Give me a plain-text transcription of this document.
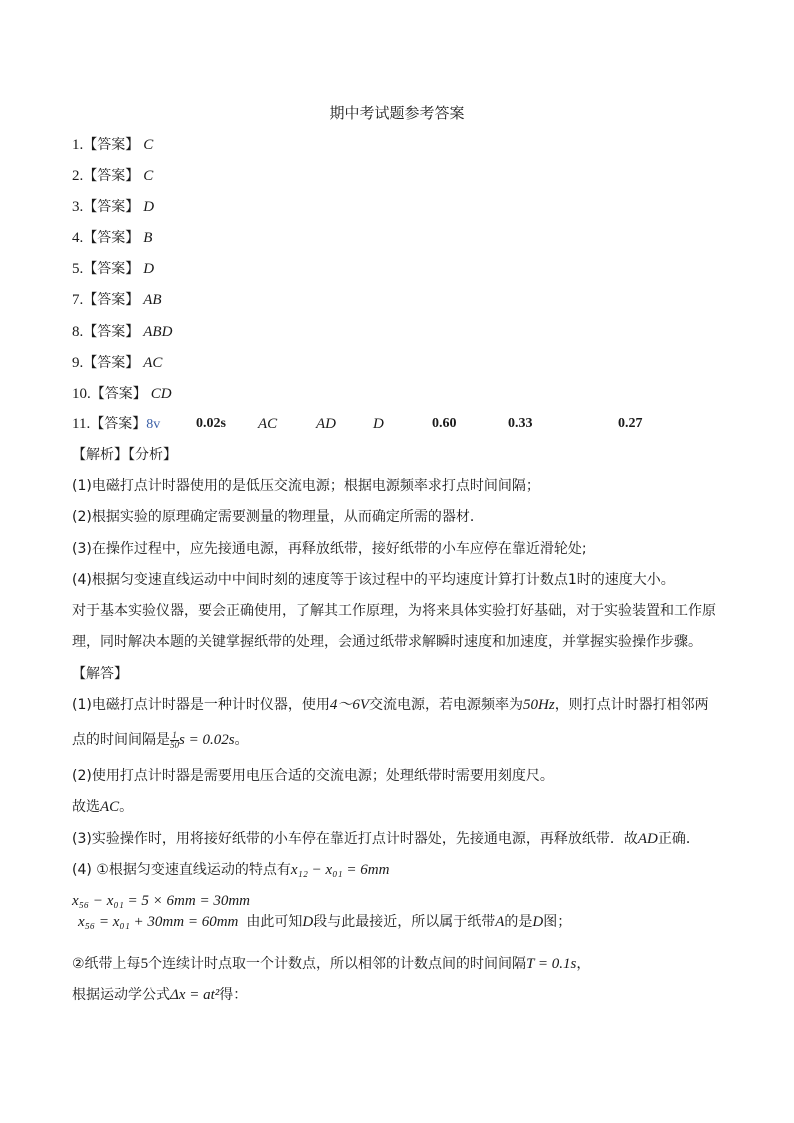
期中考试题参考答案
1.【答案】 C
2.【答案】 C
3.【答案】 D
4.【答案】 B
5.【答案】 D
7.【答案】 AB
8.【答案】 ABD
9.【答案】 AC
10.【答案】 CD
11.【答案】8v	0.02s AC	AD D	0.60	0.33	0.27
【解析】【分析】
(1)电磁打点计时器使用的是低压交流电源；根据电源频率求打点时间间隔；
(2)根据实验的原理确定需要测量的物理量，从而确定所需的器材．
(3)在操作过程中，应先接通电源，再释放纸带，接好纸带的小车应停在靠近滑轮处;
(4)根据匀变速直线运动中中间时刻的速度等于该过程中的平均速度计算打计数点1时的速度大小。
对于基本实验仪器，要会正确使用，了解其工作原理，为将来具体实验打好基础，对于实验装置和工作原
理，同时解决本题的关键掌握纸带的处理，会通过纸带求解瞬时速度和加速度，并掌握实验操作步骤。
【解答】
(1)电磁打点计时器是一种计时仪器，使用4～6V交流电源，若电源频率为50Hz，则打点计时器打相邻两
点的时间间隔是 $\frac{1}{50}$ s = 0.02s。
(2)使用打点计时器是需要用电压合适的交流电源；处理纸带时需要用刻度尺。
故选AC。
(3)实验操作时，用将接好纸带的小车停在靠近打点计时器处，先接通电源，再释放纸带．故AD正确．
(4) ①根据匀变速直线运动的特点有x₁₂ − x₀₁ = 6mm
x₅₆ − x₀₁ = 5 × 6mm = 30mm
x₅₆ = x₀₁ + 30mm = 60mm 由此可知D段与此最接近，所以属于纸带A的是D图；
②纸带上每5个连续计时点取一个计数点，所以相邻的计数点间的时间间隔T = 0.1s，
根据运动学公式Δx = at²得：
